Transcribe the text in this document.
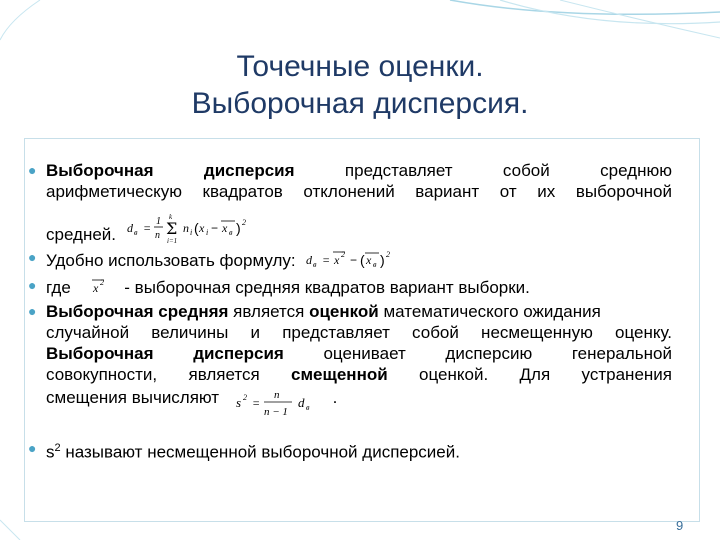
Точечные оценки.
Выборочная дисперсия.
● Выборочная	дисперсия	представляет	собой	среднюю
арифметическую квадратов отклонений вариант от их выборочной
средней. d в = 1
n Σ
k
i=1
n i ( x i − x в ) 2
● Удобно использовать формулу: d в = x 2 − ( x в ) 2
● где x 2 - выборочная средняя квадратов вариант выборки.
● Выборочная средняя является оценкой математического ожидания
случайной величины и представляет собой несмещенную оценку.
Выборочная дисперсия оценивает дисперсию генеральной
совокупности, является смещенной оценкой. Для устранения
смещения вычисляют s 2 =
n
n − 1
d в
.
● $s^2$ называют несмещенной выборочной дисперсией.
9
